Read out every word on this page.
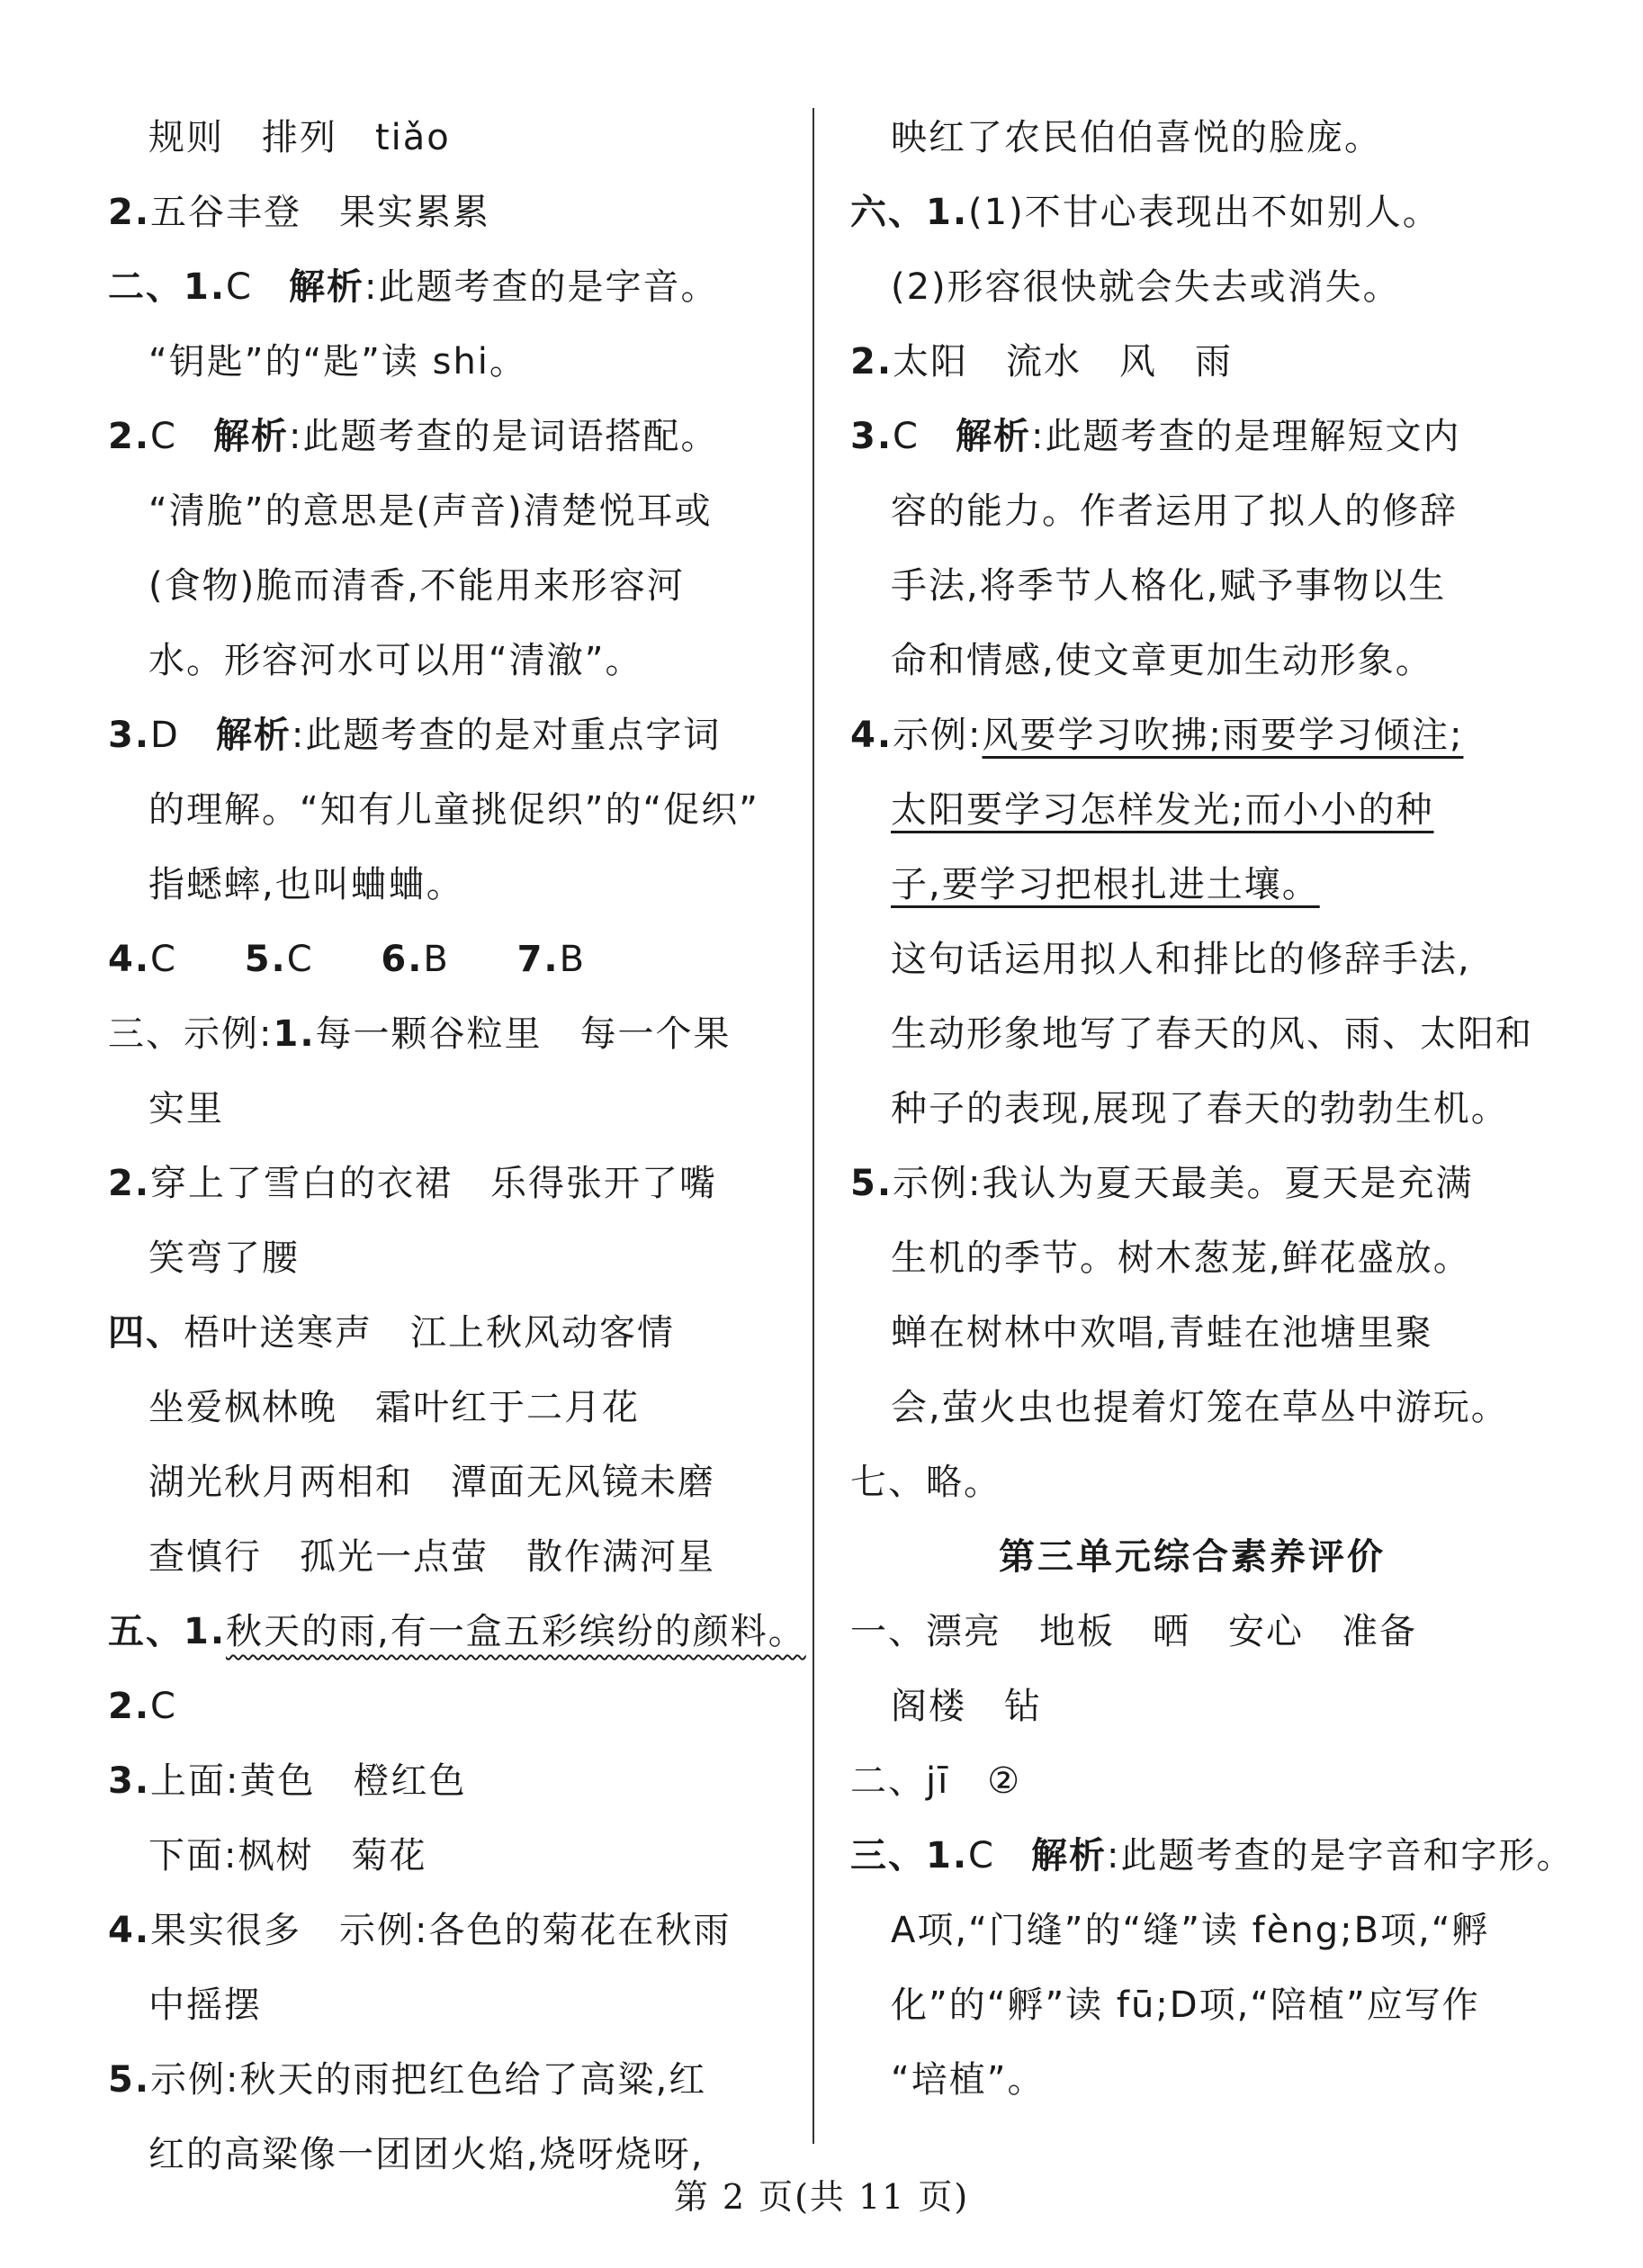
规则　排列　tiǎo
2.五谷丰登　果实累累
二、1.C 解析:此题考查的是字音。
“钥匙”的“匙”读 shi。
2.C 解析:此题考查的是词语搭配。
“清脆”的意思是(声音)清楚悦耳或
(食物)脆而清香,不能用来形容河
水。形容河水可以用“清澈”。
3.D 解析:此题考查的是对重点字词
的理解。“知有儿童挑促织”的“促织”
指蟋蟀,也叫蛐蛐。
4.C 5.C 6.B 7.B
三、示例:1.每一颗谷粒里　每一个果
实里
2.穿上了雪白的衣裙　乐得张开了嘴
笑弯了腰
四、梧叶送寒声　江上秋风动客情
坐爱枫林晚　霜叶红于二月花
湖光秋月两相和　潭面无风镜未磨
查慎行　孤光一点萤　散作满河星
五、1.秋天的雨,有一盒五彩缤纷的颜料。
2.C
3.上面:黄色　橙红色
下面:枫树　菊花
4.果实很多　示例:各色的菊花在秋雨
中摇摆
5.示例:秋天的雨把红色给了高粱,红
红的高粱像一团团火焰,烧呀烧呀,
映红了农民伯伯喜悦的脸庞。
六、1.(1)不甘心表现出不如别人。
(2)形容很快就会失去或消失。
2.太阳　流水　风　雨
3.C 解析:此题考查的是理解短文内
容的能力。作者运用了拟人的修辞
手法,将季节人格化,赋予事物以生
命和情感,使文章更加生动形象。
4.示例:风要学习吹拂;雨要学习倾注;
太阳要学习怎样发光;而小小的种
子,要学习把根扎进土壤。
这句话运用拟人和排比的修辞手法,
生动形象地写了春天的风、雨、太阳和
种子的表现,展现了春天的勃勃生机。
5.示例:我认为夏天最美。夏天是充满
生机的季节。树木葱茏,鲜花盛放。
蝉在树林中欢唱,青蛙在池塘里聚
会,萤火虫也提着灯笼在草丛中游玩。
七、略。
第三单元综合素养评价
一、漂亮　地板　晒　安心　准备
阁楼　钻
二、jī　②
三、1.C 解析:此题考查的是字音和字形。
A项,“门缝”的“缝”读 fèng;B项,“孵
化”的“孵”读 fū;D项,“陪植”应写作
“培植”。
第 2 页(共 11 页)
